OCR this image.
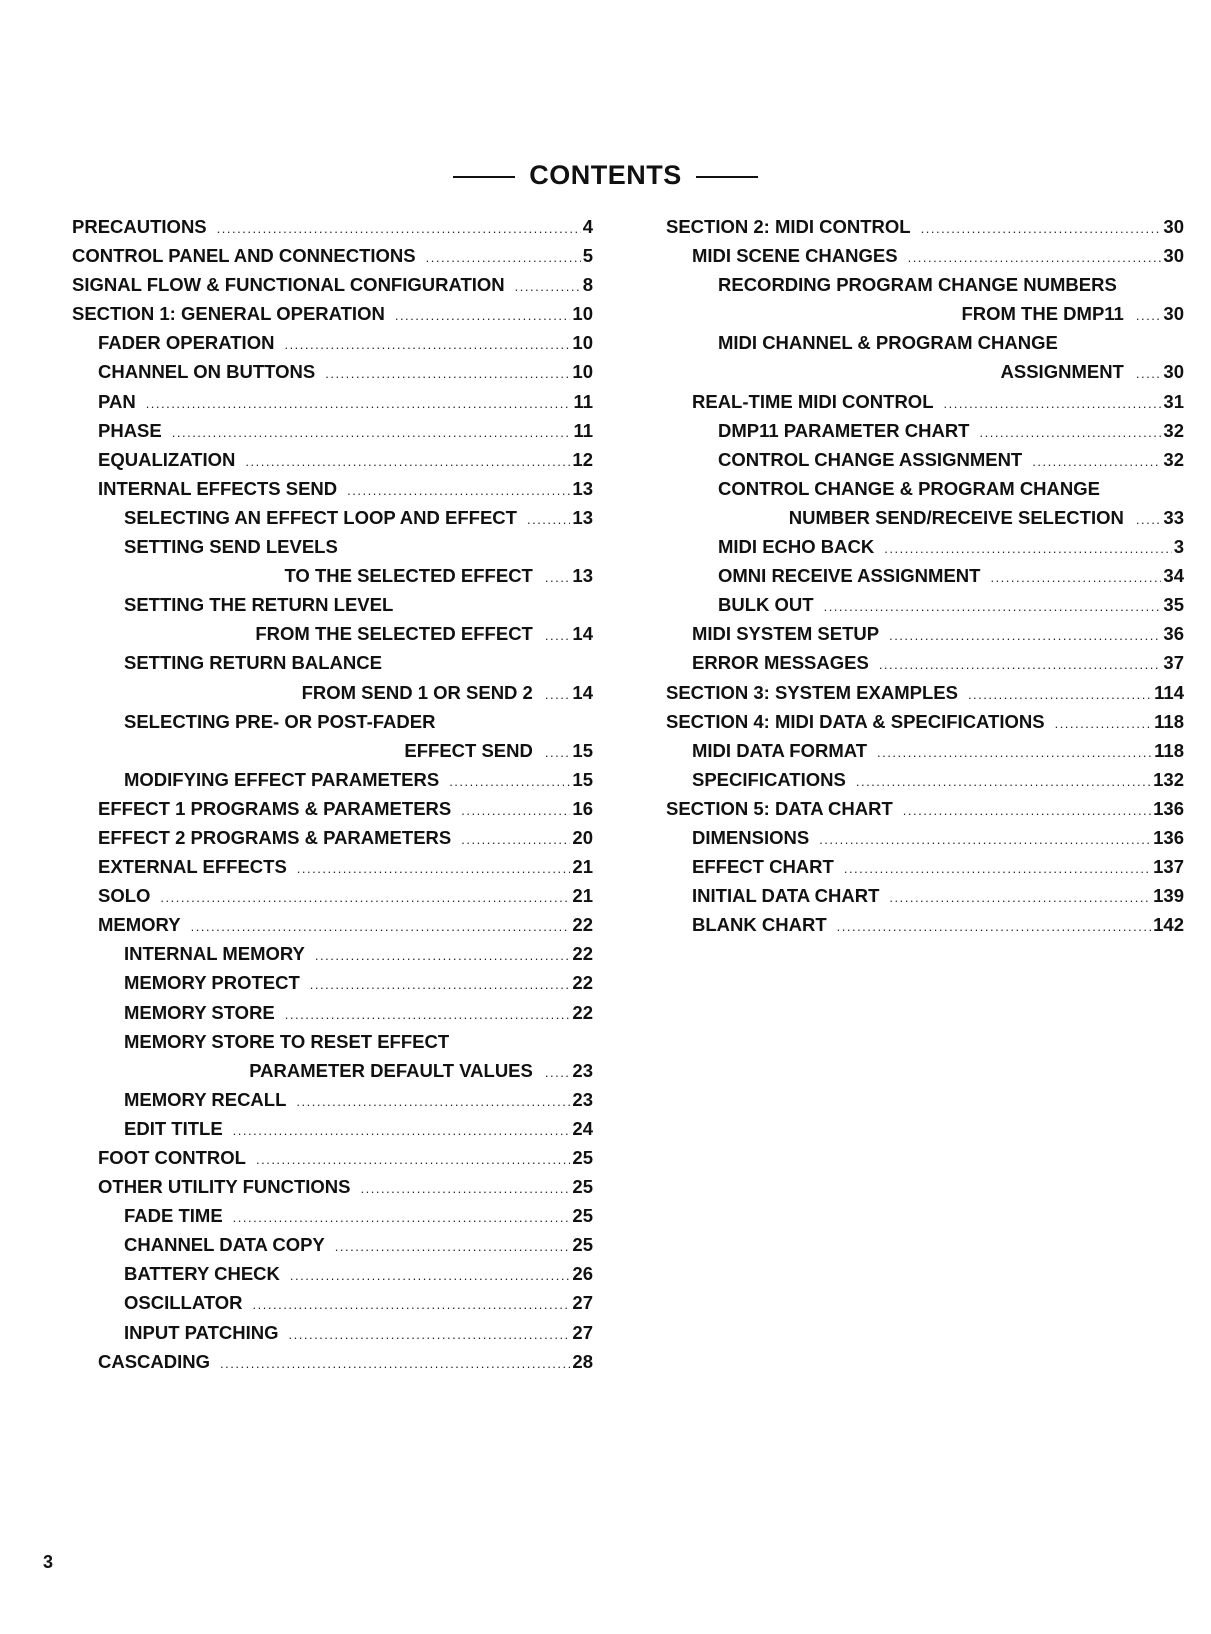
CONTENTS
PRECAUTIONS .....	4
CONTROL PANEL AND CONNECTIONS .....	5
SIGNAL FLOW & FUNCTIONAL CONFIGURATION .....	8
SECTION 1: GENERAL OPERATION .....	10
FADER OPERATION .....	10
CHANNEL ON BUTTONS .....	10
PAN .....	11
PHASE .....	11
EQUALIZATION .....	12
INTERNAL EFFECTS SEND .....	13
SELECTING AN EFFECT LOOP AND EFFECT .....	13
SETTING SEND LEVELS
TO THE SELECTED EFFECT ..... 13
SETTING THE RETURN LEVEL
FROM THE SELECTED EFFECT ..... 14
SETTING RETURN BALANCE
FROM SEND 1 OR SEND 2 ..... 14
SELECTING PRE- OR POST-FADER
EFFECT SEND ..... 15
MODIFYING EFFECT PARAMETERS .....	15
EFFECT 1 PROGRAMS & PARAMETERS .....	16
EFFECT 2 PROGRAMS & PARAMETERS .....	20
EXTERNAL EFFECTS .....	21
SOLO .....	21
MEMORY .....	22
INTERNAL MEMORY .....	22
MEMORY PROTECT .....	22
MEMORY STORE .....	22
MEMORY STORE TO RESET EFFECT
PARAMETER DEFAULT VALUES ..... 23
MEMORY RECALL .....	23
EDIT TITLE .....	24
FOOT CONTROL .....	25
OTHER UTILITY FUNCTIONS .....	25
FADE TIME .....	25
CHANNEL DATA COPY .....	25
BATTERY CHECK .....	26
OSCILLATOR .....	27
INPUT PATCHING .....	27
CASCADING .....	28
SECTION 2: MIDI CONTROL .....	30
MIDI SCENE CHANGES .....	30
RECORDING PROGRAM CHANGE NUMBERS
FROM THE DMP11 ..... 30
MIDI CHANNEL & PROGRAM CHANGE
ASSIGNMENT ..... 30
REAL-TIME MIDI CONTROL .....	31
DMP11 PARAMETER CHART .....	32
CONTROL CHANGE ASSIGNMENT .....	32
CONTROL CHANGE & PROGRAM CHANGE
NUMBER SEND/RECEIVE SELECTION ..... 33
MIDI ECHO BACK .....	3
OMNI RECEIVE ASSIGNMENT .....	34
BULK OUT .....	35
MIDI SYSTEM SETUP .....	36
ERROR MESSAGES .....	37
SECTION 3: SYSTEM EXAMPLES .....	114
SECTION 4: MIDI DATA & SPECIFICATIONS .....	118
MIDI DATA FORMAT .....	118
SPECIFICATIONS .....	132
SECTION 5: DATA CHART .....	136
DIMENSIONS .....	136
EFFECT CHART .....	137
INITIAL DATA CHART .....	139
BLANK CHART .....	142
3
